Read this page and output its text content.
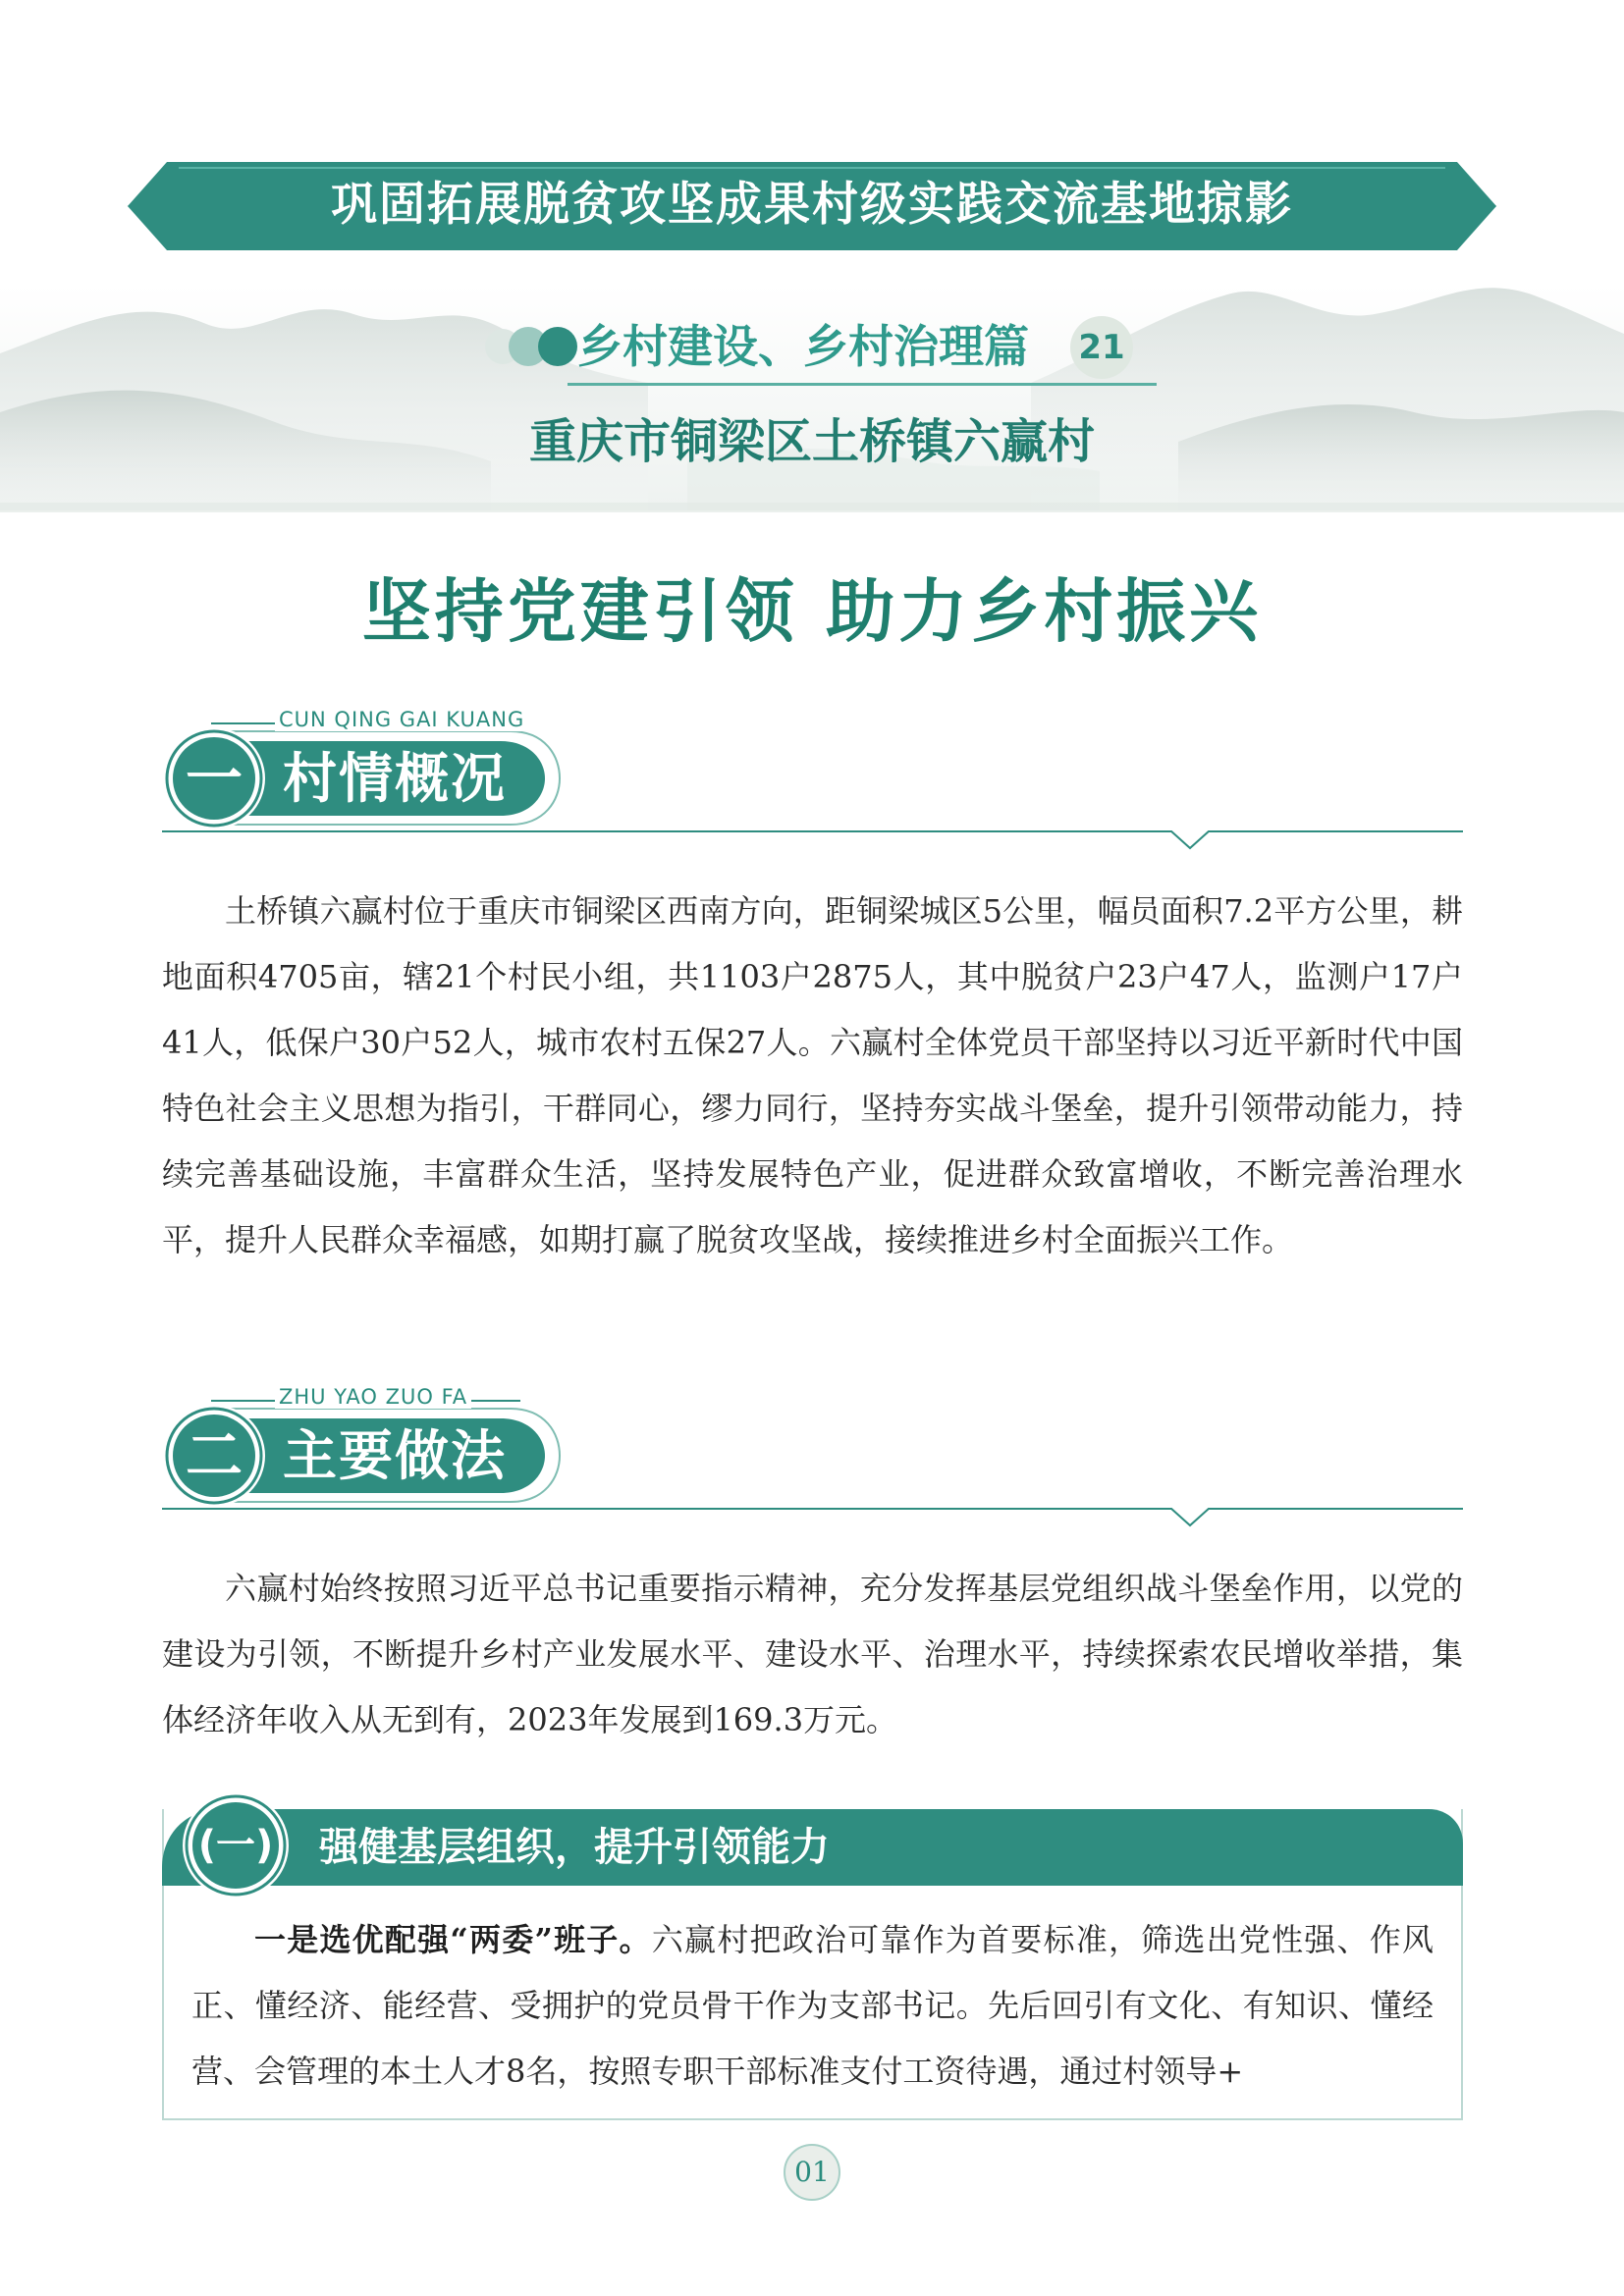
巩固拓展脱贫攻坚成果村级实践交流基地掠影
乡村建设、乡村治理篇 21
重庆市铜梁区土桥镇六赢村
坚持党建引领 助力乡村振兴
一 村情概况
CUN QING GAI KUANG

土桥镇六赢村位于重庆市铜梁区西南方向，距铜梁城区5公里，幅员面积7.2平方公里，耕地面积4705亩，辖21个村民小组，共1103户2875人，其中脱贫户23户47人，监测户17户41人，低保户30户52人，城市农村五保27人。六赢村全体党员干部坚持以习近平新时代中国特色社会主义思想为指引，干群同心，缪力同行，坚持夯实战斗堡垒，提升引领带动能力，持续完善基础设施，丰富群众生活，坚持发展特色产业，促进群众致富增收，不断完善治理水平，提升人民群众幸福感，如期打赢了脱贫攻坚战，接续推进乡村全面振兴工作。

二 主要做法
ZHU YAO ZUO FA

六赢村始终按照习近平总书记重要指示精神，充分发挥基层党组织战斗堡垒作用，以党的建设为引领，不断提升乡村产业发展水平、建设水平、治理水平，持续探索农民增收举措，集体经济年收入从无到有，2023年发展到169.3万元。

(一) 强健基层组织，提升引领能力

一是选优配强“两委”班子。六赢村把政治可靠作为首要标准，筛选出党性强、作风正、懂经济、能经营、受拥护的党员骨干作为支部书记。先后回引有文化、有知识、懂经营、会管理的本土人才8名，按照专职干部标准支付工资待遇，通过村领导+

01
